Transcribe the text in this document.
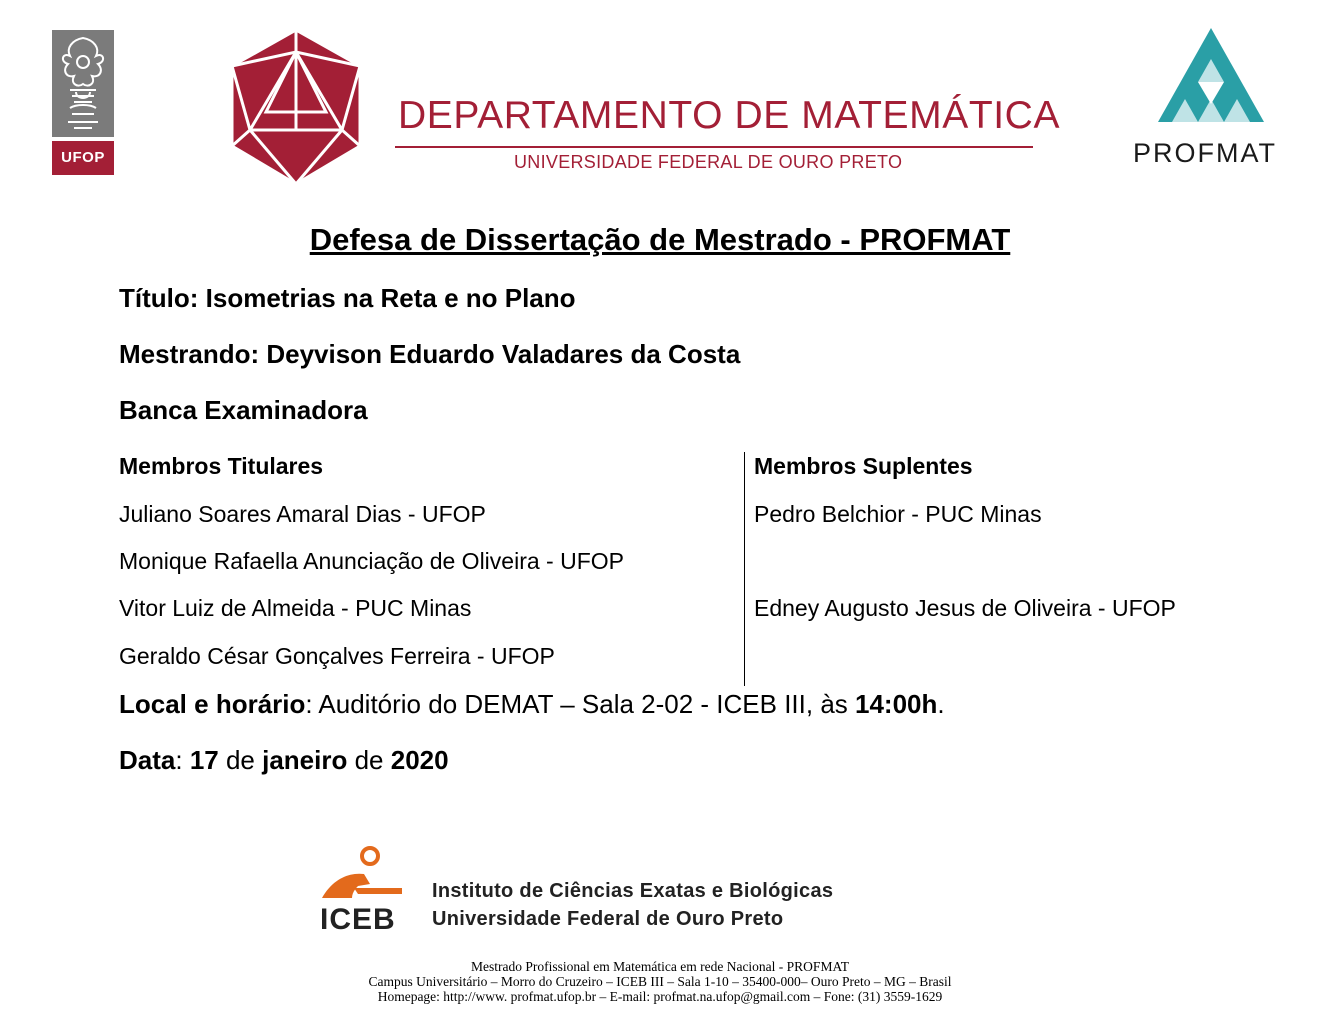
UFOP
DEPARTAMENTO DE MATEMÁTICA
UNIVERSIDADE FEDERAL DE OURO PRETO	PROFMAT
Defesa de Dissertação de Mestrado - PROFMAT
Título: Isometrias na Reta e no Plano
Mestrando: Deyvison Eduardo Valadares da Costa
Banca Examinadora
Membros Titulares	Membros Suplentes
Juliano Soares Amaral Dias - UFOP
Monique Rafaella Anunciação de Oliveira - UFOP
Vitor Luiz de Almeida - PUC Minas
Geraldo César Gonçalves Ferreira - UFOP
Pedro Belchior - PUC Minas
Edney Augusto Jesus de Oliveira - UFOP
Local e horário: Auditório do DEMAT – Sala 2-02 - ICEB III, às 14:00h.
Data: 17 de janeiro de 2020
ICEB
Instituto de Ciências Exatas e Biológicas
Universidade Federal de Ouro Preto
Mestrado Profissional em Matemática em rede Nacional - PROFMAT
Campus Universitário – Morro do Cruzeiro – ICEB III – Sala 1-10 – 35400-000– Ouro Preto – MG – Brasil
Homepage: http://www. profmat.ufop.br – E-mail: profmat.na.ufop@gmail.com – Fone: (31) 3559-1629
